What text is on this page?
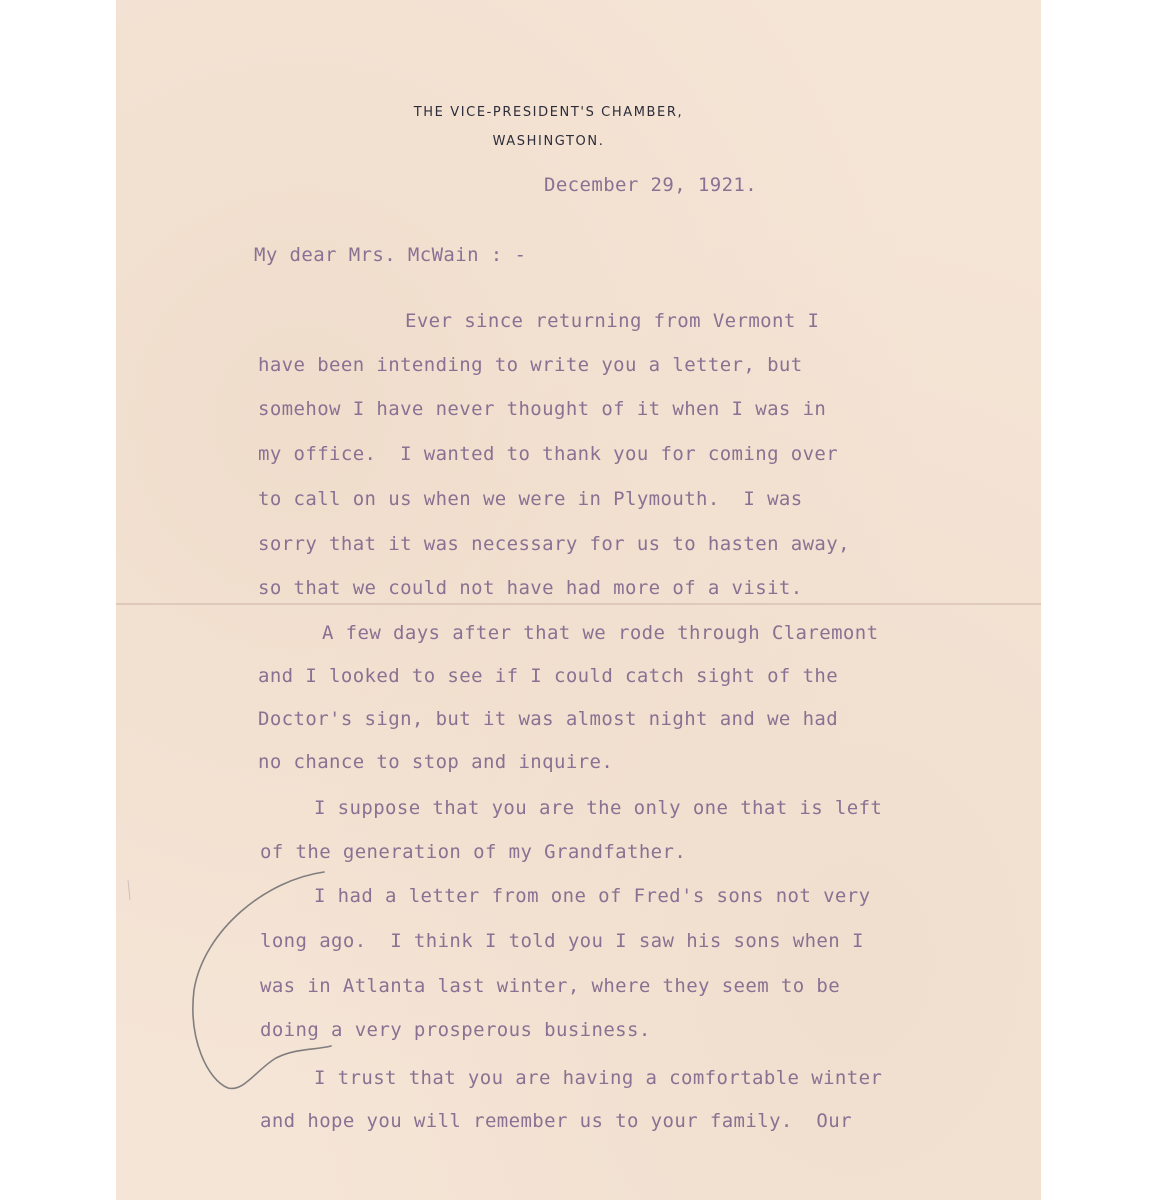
THE VICE-PRESIDENT'S CHAMBER,
WASHINGTON.
December 29, 1921.
My dear Mrs. McWain : -
Ever since returning from Vermont I
have been intending to write you a letter, but
somehow I have never thought of it when I was in
my office.  I wanted to thank you for coming over
to call on us when we were in Plymouth.  I was
sorry that it was necessary for us to hasten away,
so that we could not have had more of a visit.
A few days after that we rode through Claremont
and I looked to see if I could catch sight of the
Doctor's sign, but it was almost night and we had
no chance to stop and inquire.
I suppose that you are the only one that is left
of the generation of my Grandfather.
I had a letter from one of Fred's sons not very
long ago.  I think I told you I saw his sons when I
was in Atlanta last winter, where they seem to be
doing a very prosperous business.
I trust that you are having a comfortable winter
and hope you will remember us to your family.  Our
